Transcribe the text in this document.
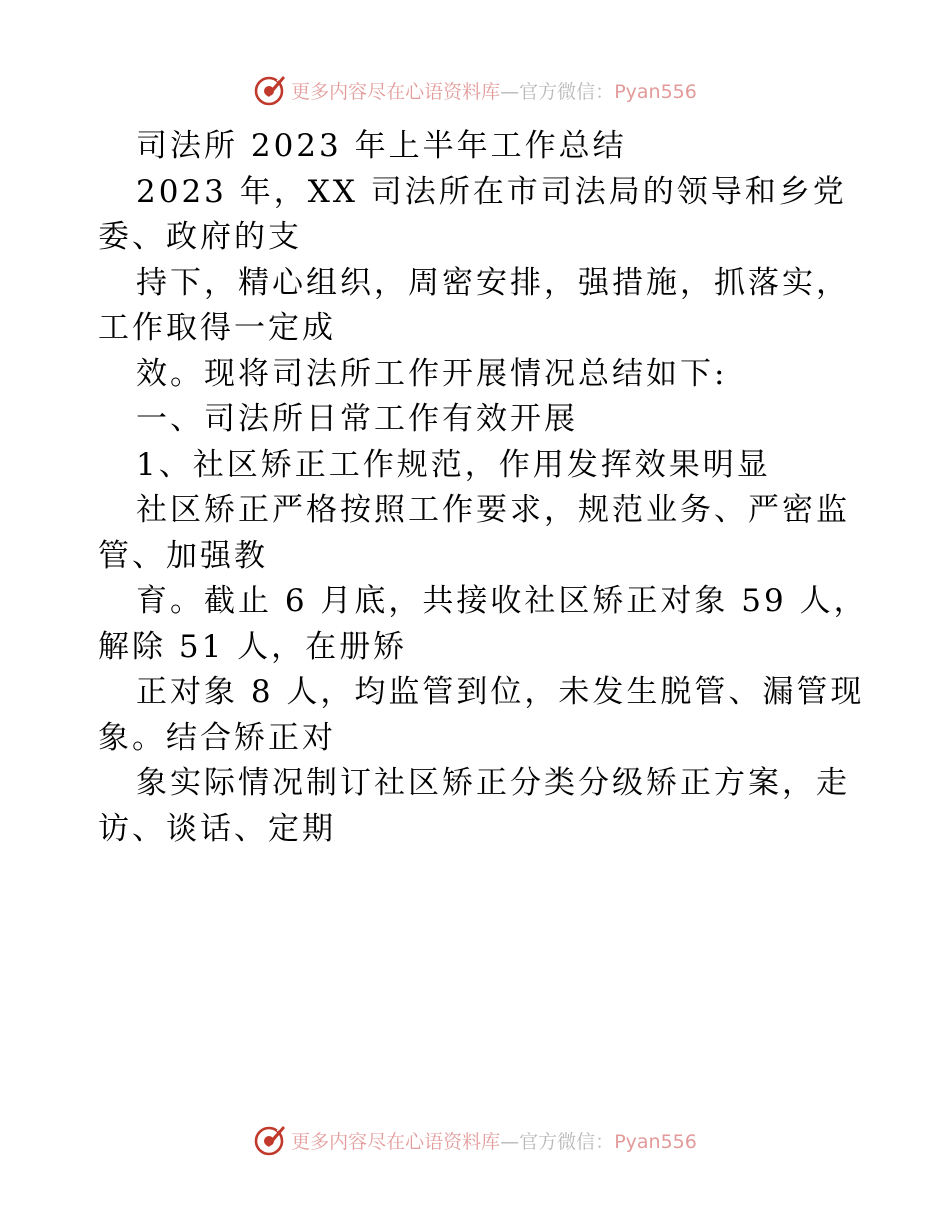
更多内容尽在心语资料库—官方微信：Pyan556
司法所 2023 年上半年工作总结
2023 年，XX 司法所在市司法局的领导和乡党
委、政府的支
持下，精心组织，周密安排，强措施，抓落实，
工作取得一定成
效。现将司法所工作开展情况总结如下:
一、司法所日常工作有效开展
1、社区矫正工作规范，作用发挥效果明显
社区矫正严格按照工作要求，规范业务、严密监
管、加强教
育。截止 6 月底，共接收社区矫正对象 59 人，
解除 51 人，在册矫
正对象 8 人，均监管到位，未发生脱管、漏管现
象。结合矫正对
象实际情况制订社区矫正分类分级矫正方案，走
访、谈话、定期
更多内容尽在心语资料库—官方微信：Pyan556
